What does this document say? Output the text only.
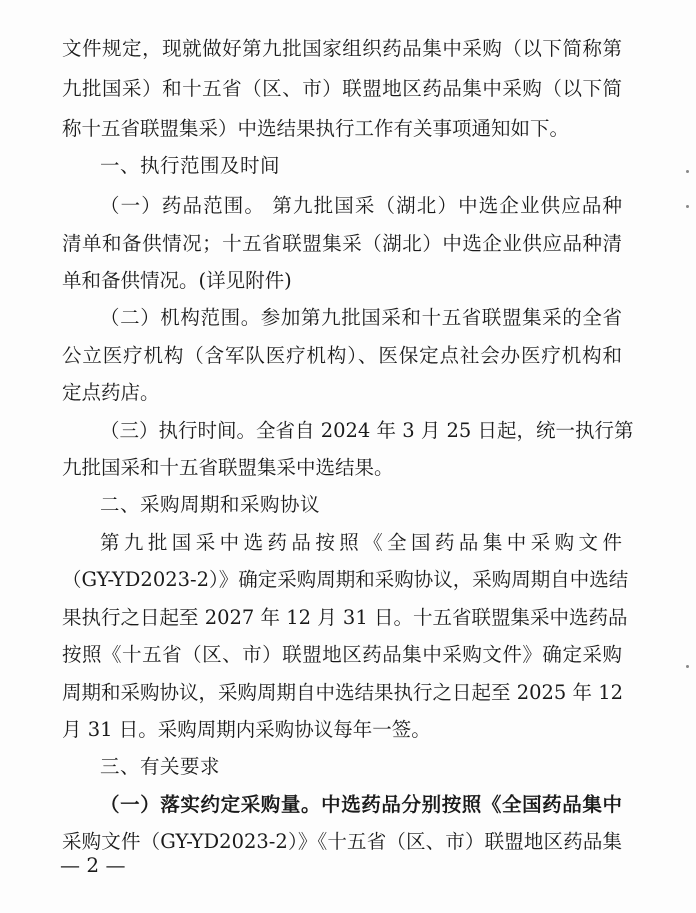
文件规定，现就做好第九批国家组织药品集中采购（以下简称第
九批国采）和十五省（区、市）联盟地区药品集中采购（以下简
称十五省联盟集采）中选结果执行工作有关事项通知如下。
一、执行范围及时间
（一）药品范围。 第九批国采（湖北）中选企业供应品种
清单和备供情况；十五省联盟集采（湖北）中选企业供应品种清
单和备供情况。(详见附件)
（二）机构范围。参加第九批国采和十五省联盟集采的全省
公立医疗机构（含军队医疗机构）、医保定点社会办医疗机构和
定点药店。
（三）执行时间。全省自 2024 年 3 月 25 日起，统一执行第
九批国采和十五省联盟集采中选结果。
二、采购周期和采购协议
第九批国采中选药品按照《全国药品集中采购文件
（GY-YD2023-2）》确定采购周期和采购协议，采购周期自中选结
果执行之日起至 2027 年 12 月 31 日。十五省联盟集采中选药品
按照《十五省（区、市）联盟地区药品集中采购文件》确定采购
周期和采购协议，采购周期自中选结果执行之日起至 2025 年 12
月 31 日。采购周期内采购协议每年一签。
三、有关要求
（一）落实约定采购量。中选药品分别按照《全国药品集中
采购文件（GY-YD2023-2）》《十五省（区、市）联盟地区药品集
— 2 —
